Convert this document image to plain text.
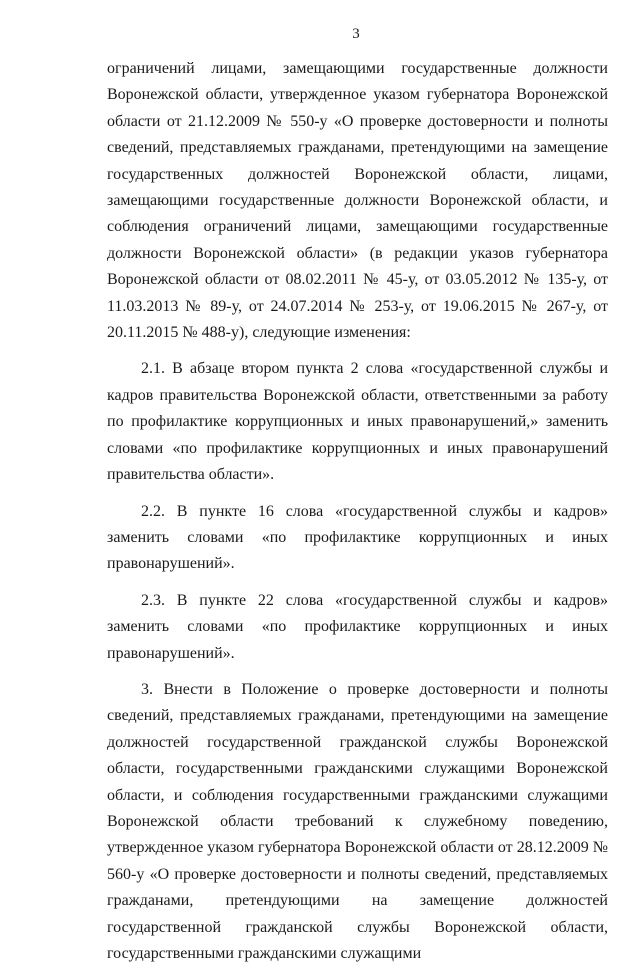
3

ограничений лицами, замещающими государственные должности Воронежской области, утвержденное указом губернатора Воронежской области от 21.12.2009 № 550-у «О проверке достоверности и полноты сведений, представляемых гражданами, претендующими на замещение государственных должностей Воронежской области, лицами, замещающими государственные должности Воронежской области, и соблюдения ограничений лицами, замещающими государственные должности Воронежской области» (в редакции указов губернатора Воронежской области от 08.02.2011 № 45-у, от 03.05.2012 № 135-у, от 11.03.2013 № 89-у, от 24.07.2014 № 253-у, от 19.06.2015 № 267-у, от 20.11.2015 № 488-у), следующие изменения:

2.1. В абзаце втором пункта 2 слова «государственной службы и кадров правительства Воронежской области, ответственными за работу по профилактике коррупционных и иных правонарушений,» заменить словами «по профилактике коррупционных и иных правонарушений правительства области».

2.2. В пункте 16 слова «государственной службы и кадров» заменить словами «по профилактике коррупционных и иных правонарушений».

2.3. В пункте 22 слова «государственной службы и кадров» заменить словами «по профилактике коррупционных и иных правонарушений».

3. Внести в Положение о проверке достоверности и полноты сведений, представляемых гражданами, претендующими на замещение должностей государственной гражданской службы Воронежской области, государственными гражданскими служащими Воронежской области, и соблюдения государственными гражданскими служащими Воронежской области требований к служебному поведению, утвержденное указом губернатора Воронежской области от 28.12.2009 № 560-у «О проверке достоверности и полноты сведений, представляемых гражданами, претендующими на замещение должностей государственной гражданской службы Воронежской области, государственными гражданскими служащими
